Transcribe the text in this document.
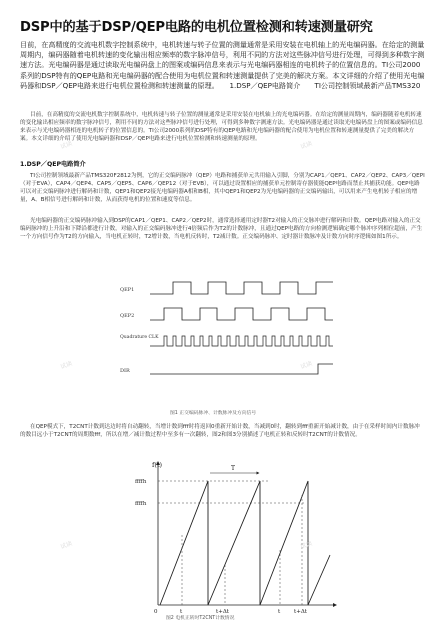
DSP中的基于DSP/QEP电路的电机位置检测和转速测量研究
目前，在高精度的交流电机数字控制系统中，电机转速与转子位置的测量通常是采用安装在电机轴上的光电编码器。在给定的测量周期内，编码器随着电机转速的变化输出相应频率的数字脉冲信号，利用不同的方法对这些脉冲信号进行处理，可得到多种数字测速方法。光电编码器是通过读取光电编码盘上的图案或编码信息来表示与光电编码器相连的电机转子的位置信息的。TI公司2000系列的DSP特有的QEP电路和光电编码器的配合使用为电机位置和转速测量提供了完美的解决方案。本文详细的介绍了使用光电编码器和DSP／QEP电路来进行电机位置检测和转速测量的原理。　　1.DSP／QEP电路简介　　TI公司控制领域最新产品TMS320
目前，在高精度的交流电机数字控制系统中，电机转速与转子位置的测量通常是采用安装在电机轴上的光电编码器。在给定的测量周期内，编码器随着电机转速的变化输出相应频率的数字脉冲信号，利用不同的方法对这些脉冲信号进行处理，可得到多种数字测速方法。光电编码器是通过读取光电编码盘上的图案或编码信息来表示与光电编码器相连的电机转子的位置信息的。TI公司2000系列的DSP特有的QEP电路和光电编码器的配合使用为电机位置和转速测量提供了完美的解决方案。本文详细的介绍了使用光电编码器和DSP／QEP电路来进行电机位置检测和转速测量的原理。
1.DSP／QEP电路简介
TI公司控制领域最新产品TMS320F2812为例，它的正交编码脉冲（QEP）电路和捕获单元共用输入引脚，分别为CAP1／QEP1、CAP2／QEP2、CAP3／QEPI（对于EVA），CAP4／QEP4、CAP5／QEP5、CAP6／QEP12（对于EVB），可以通过设置相应的捕获单元控制寄存器使能QEP电路而禁止其捕获功能。QEP电路可以对正交编码脉冲进行解码和计数，QEP1和QEP2接光电编码器A相和B相，其中QEP1和QEP2为光电编码器的正交编码输出，可以用来产生电机转子相应的增量，A、B相信号进行解码和计数，从而获得电机的位置和速度等信息。
光电编码器的正交编码脉冲输入到DSP的CAP1／QEP1、CAP2／QEP2时，通常选择通用定时器T2对输入的正交脉冲进行解码和计数。QEP电路对输入的正交编码脉冲的上升沿和下降沿都进行计数，对输入的正交编码脉冲进行4倍频后作为T2的计数脉冲，且通过QEP电路的方向检测逻辑确定哪个脉冲序列相位超前，产生一个方向信号作为T2的方向输入，当电机正转时，T2增计数，当电机反转时，T2减计数。正交编码脉冲、定时器计数脉冲及计数方向时序逻辑如图1所示。
QEP1
QEP2
Quadrature CLK
DIR
图1 正交编码脉冲、计数脉冲及方向信号
在QEP模式下，T2CNT计数到达边时将自动翻转，当增计数到fff时将返回0重新开始计数，当减到0时，翻转到fff重新开始减计数，由于在采样时间内计数脉冲的数目远小于T2CNT的周期数fff，所以在增／减计数过程中至多有一次翻转，图2和图3分别描述了电机正转和反转时T2CNT的计数情况。
f(t)
ffffh
ffffh
T
0	t	t+Δt	t	t+Δt
图2 电机正转时T2CNT计数情况
试读	试读
试读	试读
试读	试读
